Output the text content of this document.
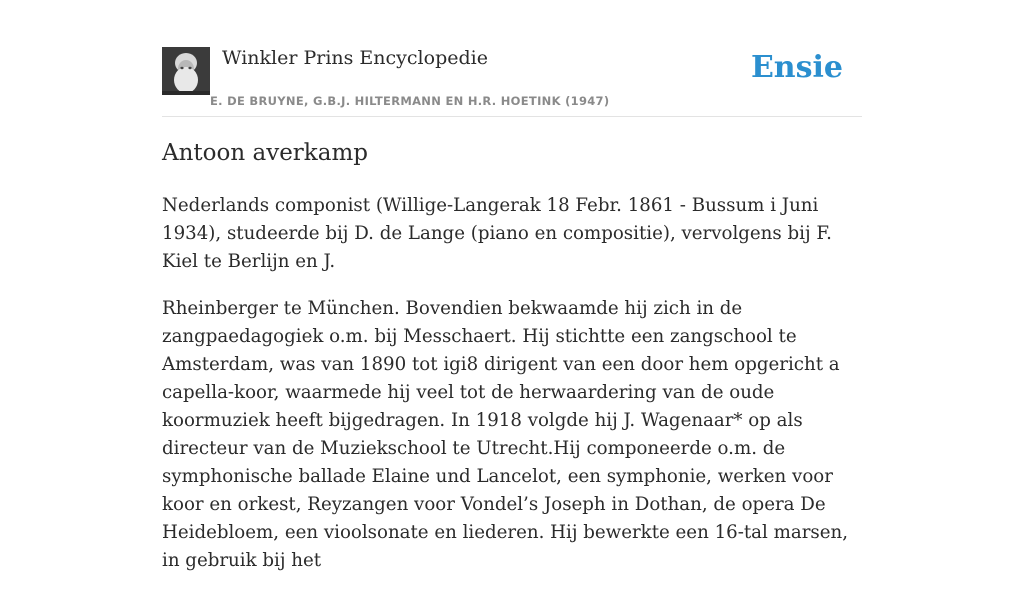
Winkler Prins Encyclopedie
E. DE BRUYNE, G.B.J. HILTERMANN EN H.R. HOETINK (1947)
Ensie
Antoon averkamp

Nederlands componist (Willige-Langerak 18 Febr. 1861 - Bussum i Juni 1934), studeerde bij D. de Lange (piano en compositie), vervolgens bij F. Kiel te Berlijn en J.

Rheinberger te München. Bovendien bekwaamde hij zich in de zangpaedagogiek o.m. bij Messchaert. Hij stichtte een zangschool te Amsterdam, was van 1890 tot igi8 dirigent van een door hem opgericht a capella-koor, waarmede hij veel tot de herwaardering van de oude koormuziek heeft bijgedragen. In 1918 volgde hij J. Wagenaar* op als directeur van de Muziekschool te Utrecht.Hij componeerde o.m. de symphonische ballade Elaine und Lancelot, een symphonie, werken voor koor en orkest, Reyzangen voor Vondel’s Joseph in Dothan, de opera De Heidebloem, een vioolsonate en liederen. Hij bewerkte een 16-tal marsen, in gebruik bij het
